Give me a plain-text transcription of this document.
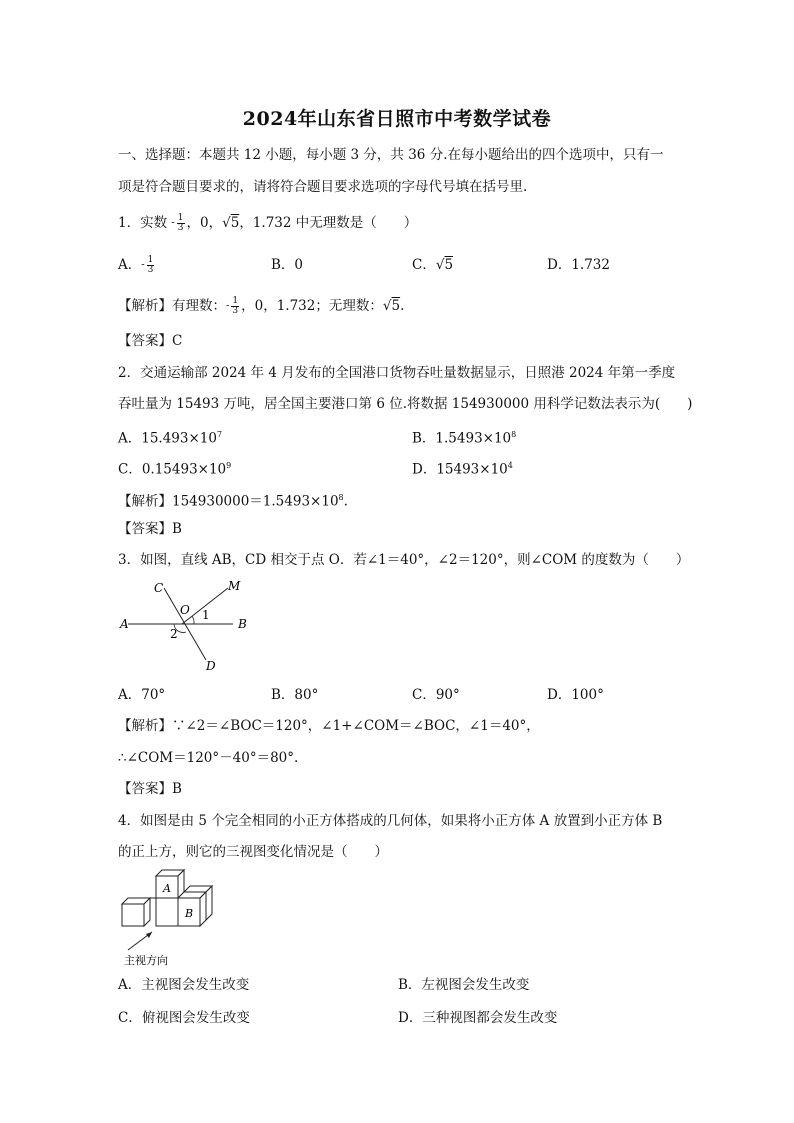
2024年山东省日照市中考数学试卷
一、选择题：本题共 12 小题，每小题 3 分，共 36 分.在每小题给出的四个选项中，只有一
项是符合题目要求的，请将符合题目要求选项的字母代号填在括号里.
1．实数 - $\frac{1}{3}$ ，0，√5，1.732 中无理数是（　　）
A．- $\frac{1}{3}$	B．0	C．√5	D．1.732
【解析】有理数：- $\frac{1}{3}$ ，0，1.732；无理数：√5.
【答案】C
2．交通运输部 2024 年 4 月发布的全国港口货物吞吐量数据显示，日照港 2024 年第一季度
吞吐量为 15493 万吨，居全国主要港口第 6 位.将数据 154930000 用科学记数法表示为(　　)
A．$15.493\times 10^7$	B．$1.5493\times 10^8$
C．$0.15493\times 10^9$	D．$15493\times 10^4$
【解析】$154930000=1.5493\times 10^8$.
【答案】B
3．如图，直线 AB，CD 相交于点 O．若∠1＝40°，∠2＝120°，则∠COM 的度数为（　　）
C	M
O 1
A	B
2
D
A．70°	B．80°	C．90°	D．100°
【解析】∵∠2＝∠BOC＝120°，∠1+∠COM＝∠BOC，∠1＝40°，
∴∠COM＝120°－40°＝80°.
【答案】B
4．如图是由 5 个完全相同的小正方体搭成的几何体，如果将小正方体 A 放置到小正方体 B
的正上方，则它的三视图变化情况是（　　）
A
B
主视方向
A．主视图会发生改变	B．左视图会发生改变
C．俯视图会发生改变	D．三种视图都会发生改变
